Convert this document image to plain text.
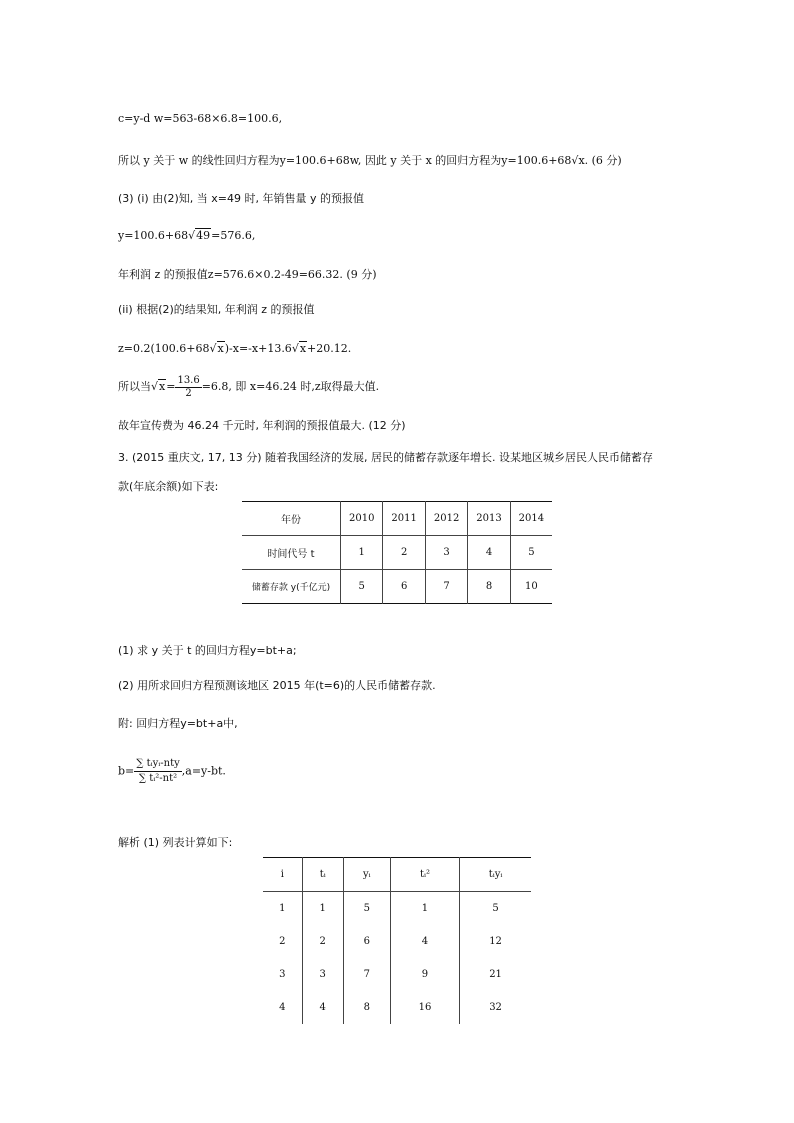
c=y-d w=563-68×6.8=100.6,
所以 y 关于 w 的线性回归方程为y=100.6+68w, 因此 y 关于 x 的回归方程为y=100.6+68√x. (6 分)
(3) (i) 由(2)知, 当 x=49 时, 年销售量 y 的预报值
y=100.6+68√49=576.6,
年利润 z 的预报值z=576.6×0.2-49=66.32. (9 分)
(ii) 根据(2)的结果知, 年利润 z 的预报值
z=0.2(100.6+68√x)-x=-x+13.6√x+20.12.
所以当$√x= \frac{13.6}{2} =6.8$, 即 x=46.24 时,z取得最大值.
故年宣传费为 46.24 千元时, 年利润的预报值最大. (12 分)
3. (2015 重庆文, 17, 13 分) 随着我国经济的发展, 居民的储蓄存款逐年增长. 设某地区城乡居民人民币储蓄存
款(年底余额)如下表:
年份	2010	2011	2012	2013	2014
时间代号 t	1	2	3	4	5
储蓄存款 y(千亿元)	5	6	7	8	10
(1) 求 y 关于 t 的回归方程y=bt+a;
(2) 用所求回归方程预测该地区 2015 年(t=6)的人民币储蓄存款.
附: 回归方程y=bt+a中,
$b= \frac{\text{∑ tᵢyᵢ-nty}}{\text{∑ tᵢ²-nt²}} ,a=y-bt$.
解析 (1) 列表计算如下:
i	tᵢ	yᵢ	tᵢ²	tᵢyᵢ
1	1	5	1	5
2	2	6	4	12
3	3	7	9	21
4	4	8	16	32
